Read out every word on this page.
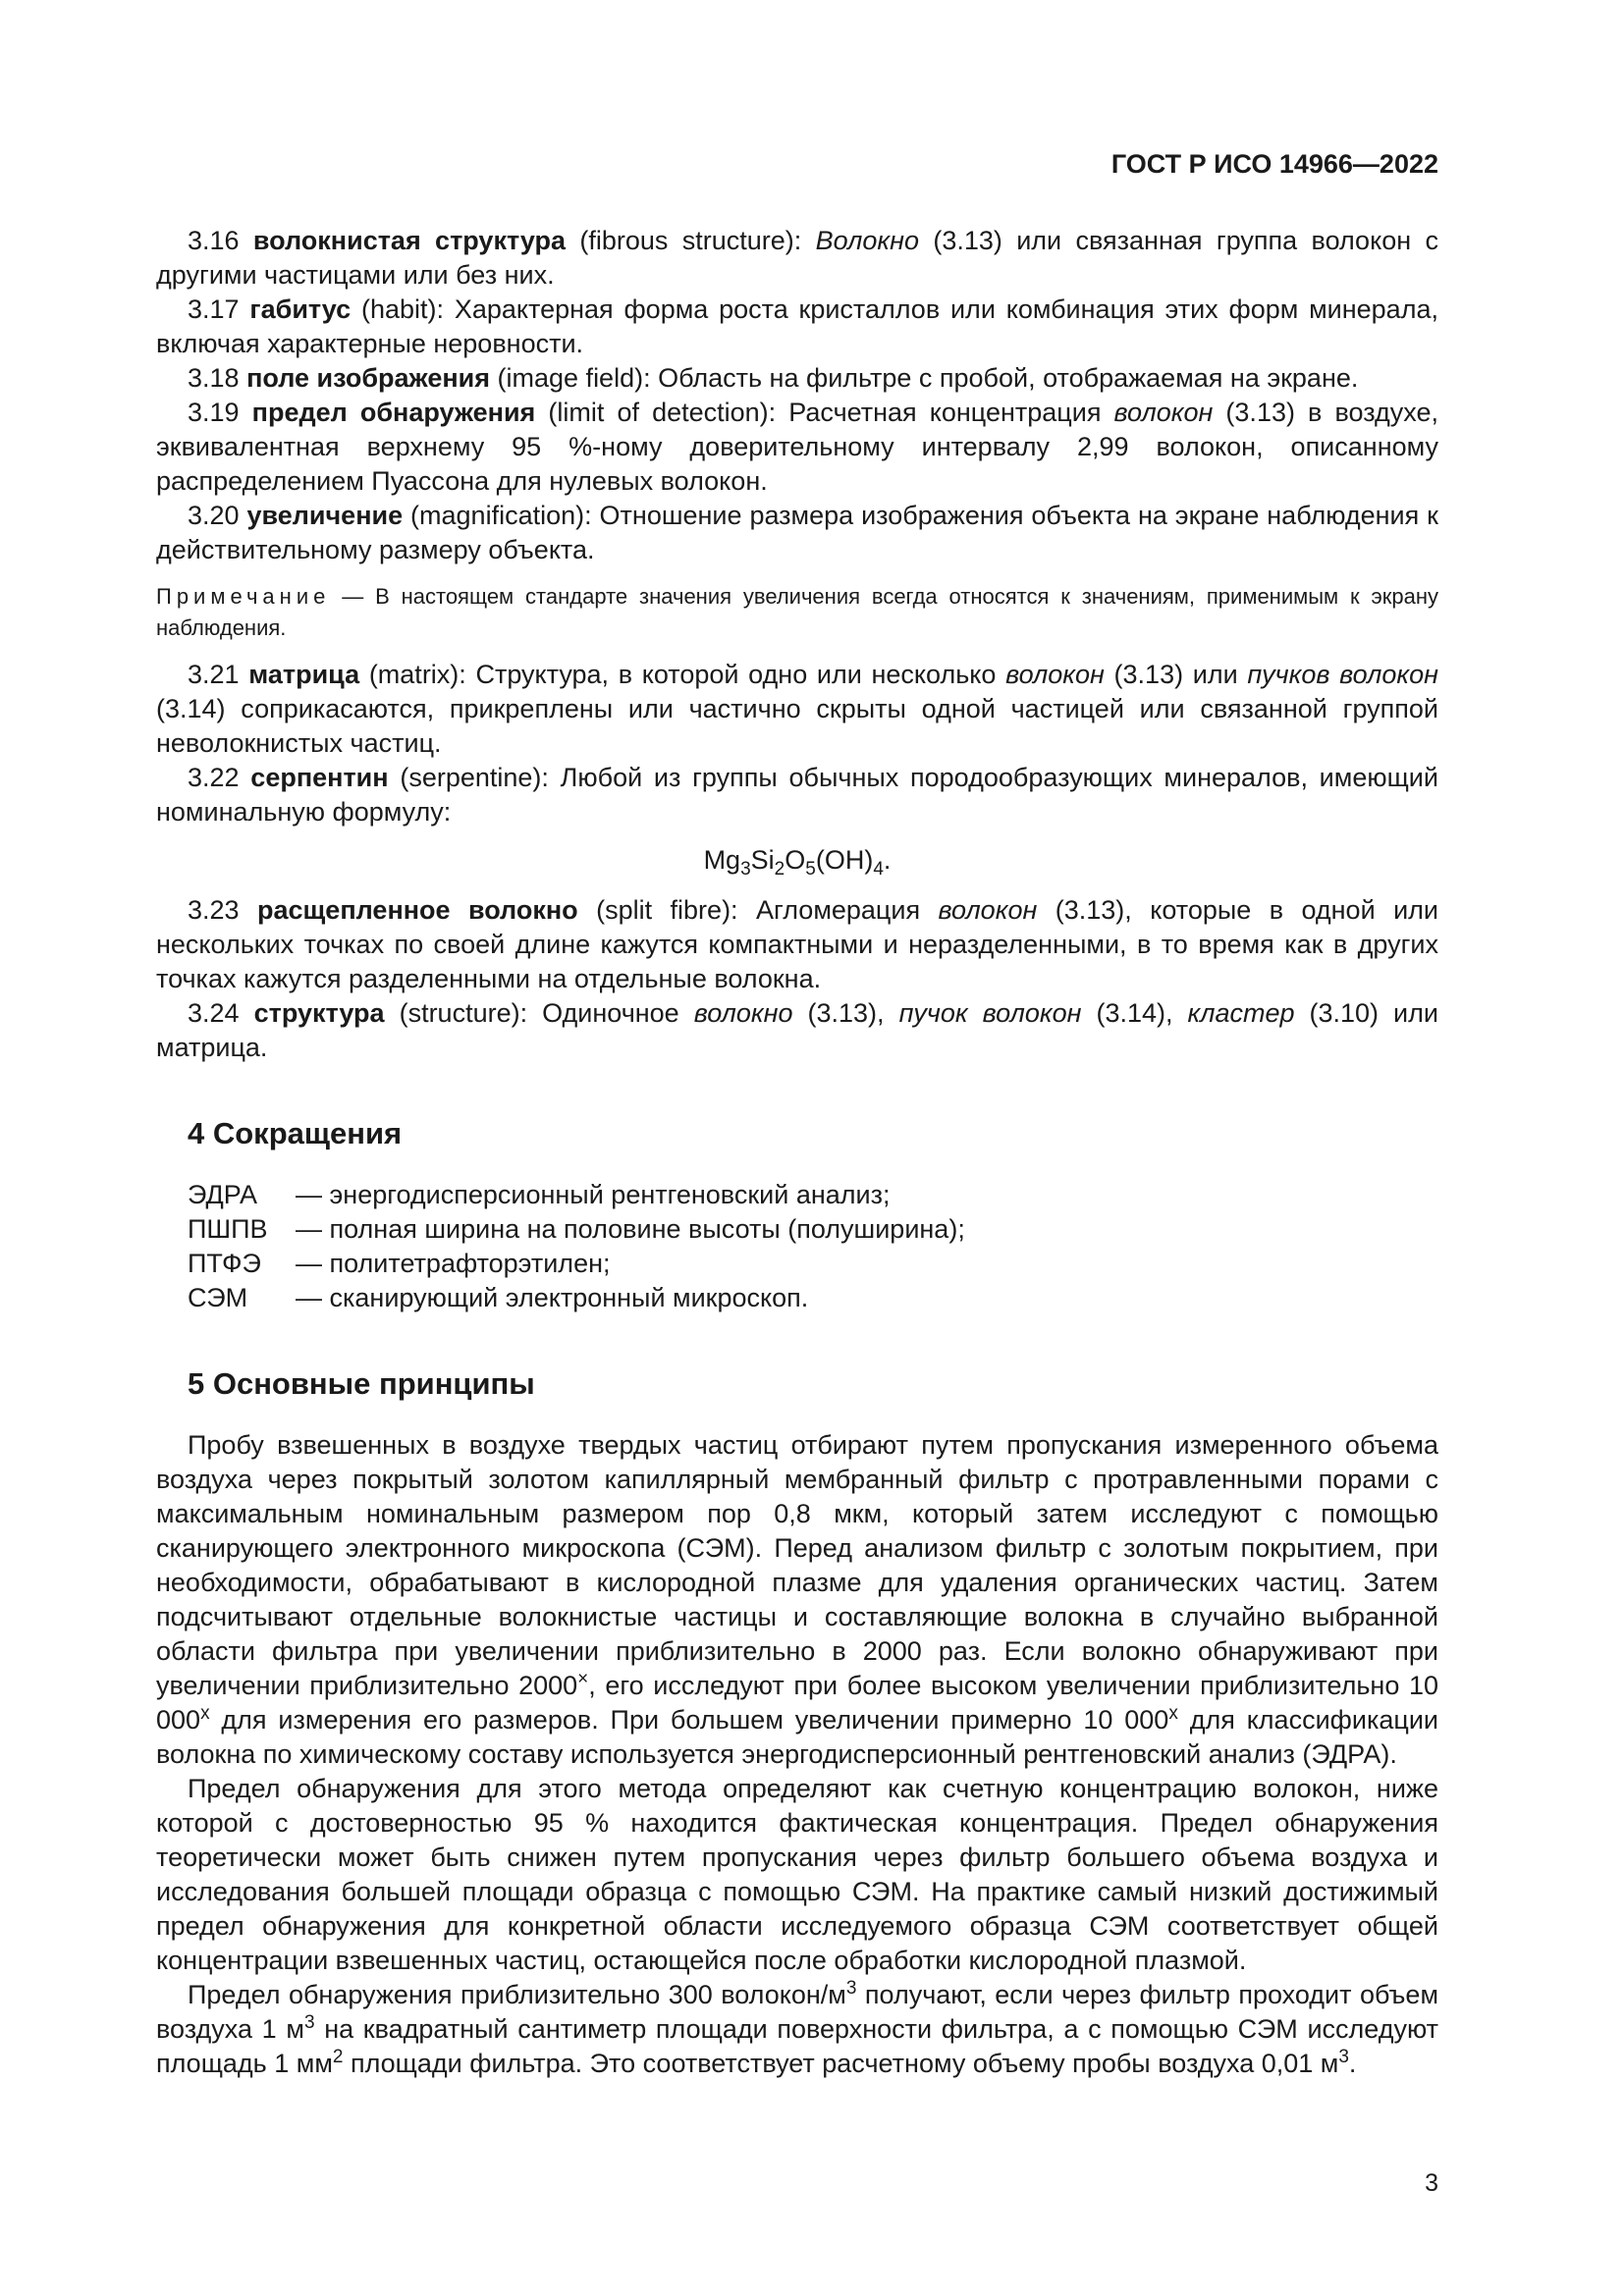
ГОСТ Р ИСО 14966—2022

3.16 волокнистая структура (fibrous structure): Волокно (3.13) или связанная группа волокон с другими частицами или без них.

3.17 габитус (habit): Характерная форма роста кристаллов или комбинация этих форм минерала, включая характерные неровности.

3.18 поле изображения (image field): Область на фильтре с пробой, отображаемая на экране.

3.19 предел обнаружения (limit of detection): Расчетная концентрация волокон (3.13) в воздухе, эквивалентная верхнему 95 %-ному доверительному интервалу 2,99 волокон, описанному распределением Пуассона для нулевых волокон.

3.20 увеличение (magnification): Отношение размера изображения объекта на экране наблюдения к действительному размеру объекта.

Примечание — В настоящем стандарте значения увеличения всегда относятся к значениям, применимым к экрану наблюдения.

3.21 матрица (matrix): Структура, в которой одно или несколько волокон (3.13) или пучков волокон (3.14) соприкасаются, прикреплены или частично скрыты одной частицей или связанной группой неволокнистых частиц.

3.22 серпентин (serpentine): Любой из группы обычных породообразующих минералов, имеющий номинальную формулу:

$Mg_3Si_2O_5(OH)_4$.

3.23 расщепленное волокно (split fibre): Агломерация волокон (3.13), которые в одной или нескольких точках по своей длине кажутся компактными и неразделенными, в то время как в других точках кажутся разделенными на отдельные волокна.

3.24 структура (structure): Одиночное волокно (3.13), пучок волокон (3.14), кластер (3.10) или матрица.

4 Сокращения
ЭДРА	— энергодисперсионный рентгеновский анализ;
ПШПВ	— полная ширина на половине высоты (полуширина);
ПТФЭ	— политетрафторэтилен;
СЭМ	— сканирующий электронный микроскоп.
5 Основные принципы

Пробу взвешенных в воздухе твердых частиц отбирают путем пропускания измеренного объема воздуха через покрытый золотом капиллярный мембранный фильтр с протравленными порами с максимальным номинальным размером пор 0,8 мкм, который затем исследуют с помощью сканирующего электронного микроскопа (СЭМ). Перед анализом фильтр с золотым покрытием, при необходимости, обрабатывают в кислородной плазме для удаления органических частиц. Затем подсчитывают отдельные волокнистые частицы и составляющие волокна в случайно выбранной области фильтра при увеличении приблизительно в 2000 раз. Если волокно обнаруживают при увеличении приблизительно 2000×, его исследуют при более высоком увеличении приблизительно 10 000$^x$ для измерения его размеров. При большем увеличении примерно 10 000$^x$ для классификации волокна по химическому составу используется энергодисперсионный рентгеновский анализ (ЭДРА).

Предел обнаружения для этого метода определяют как счетную концентрацию волокон, ниже которой с достоверностью 95 % находится фактическая концентрация. Предел обнаружения теоретически может быть снижен путем пропускания через фильтр большего объема воздуха и исследования большей площади образца с помощью СЭМ. На практике самый низкий достижимый предел обнаружения для конкретной области исследуемого образца СЭМ соответствует общей концентрации взвешенных частиц, остающейся после обработки кислородной плазмой.

Предел обнаружения приблизительно 300 волокон/$м^3$ получают, если через фильтр проходит объем воздуха 1 $м^3$ на квадратный сантиметр площади поверхности фильтра, а с помощью СЭМ исследуют площадь 1 $мм^2$ площади фильтра. Это соответствует расчетному объему пробы воздуха 0,01 $м^3$.

3
